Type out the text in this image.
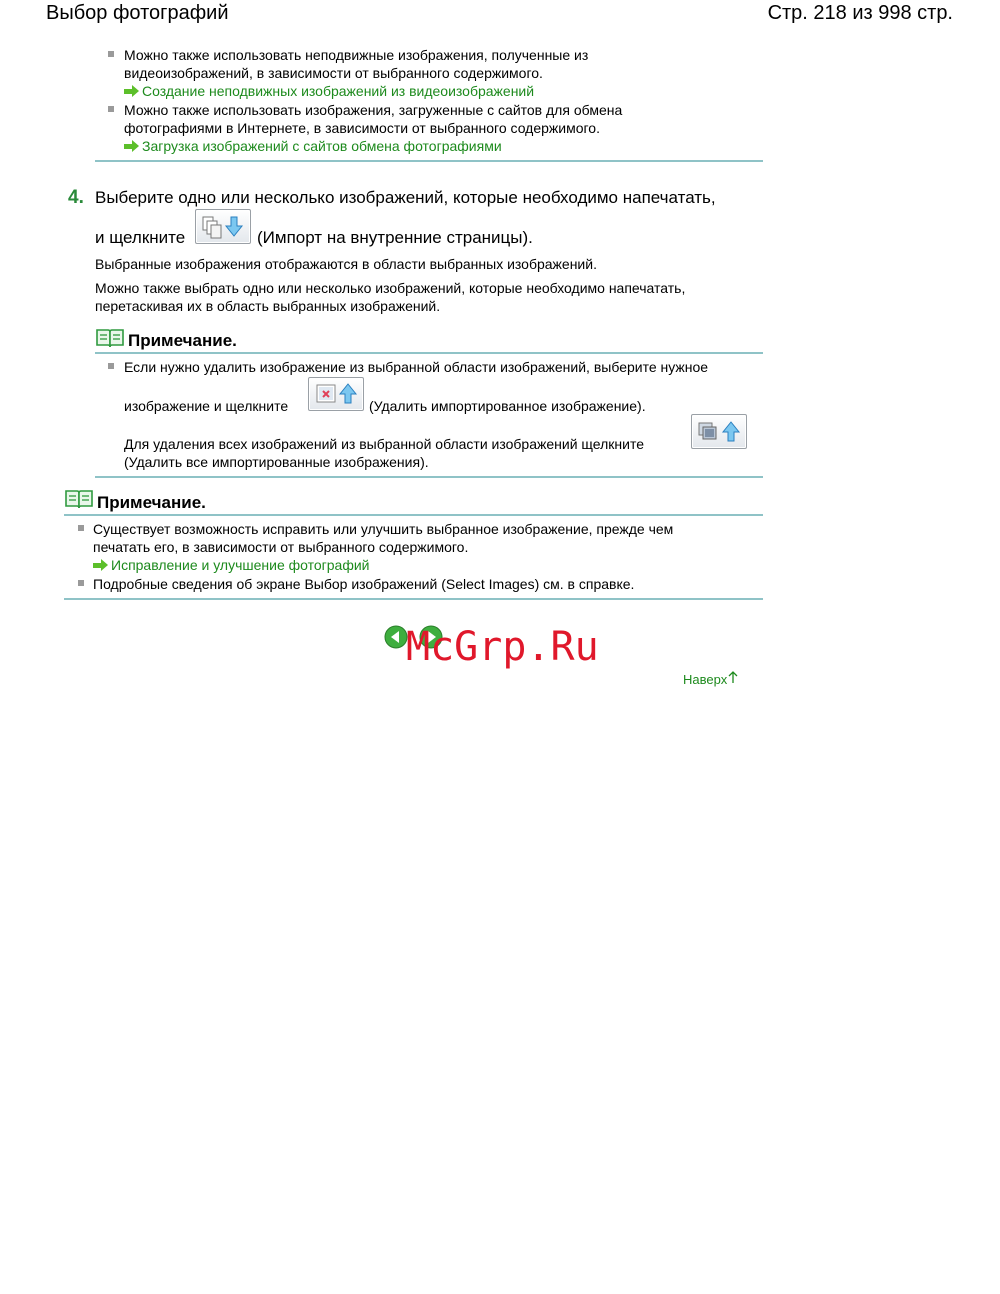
Выбор фотографий	Стр. 218 из 998 стр.
Можно также использовать неподвижные изображения, полученные из
видеоизображений, в зависимости от выбранного содержимого.
Создание неподвижных изображений из видеоизображений
Можно также использовать изображения, загруженные с сайтов для обмена
фотографиями в Интернете, в зависимости от выбранного содержимого.
Загрузка изображений с сайтов обмена фотографиями
4. Выберите одно или несколько изображений, которые необходимо напечатать,
и щелкните	(Импорт на внутренние страницы).
Выбранные изображения отображаются в области выбранных изображений.
Можно также выбрать одно или несколько изображений, которые необходимо напечатать,
перетаскивая их в область выбранных изображений.
Примечание.
Если нужно удалить изображение из выбранной области изображений, выберите нужное
изображение и щелкните	(Удалить импортированное изображение).
Для удаления всех изображений из выбранной области изображений щелкните
(Удалить все импортированные изображения).
Примечание.
Существует возможность исправить или улучшить выбранное изображение, прежде чем
печатать его, в зависимости от выбранного содержимого.
Исправление и улучшение фотографий
Подробные сведения об экране Выбор изображений (Select Images) см. в справке.
McGrp.Ru
Наверх
